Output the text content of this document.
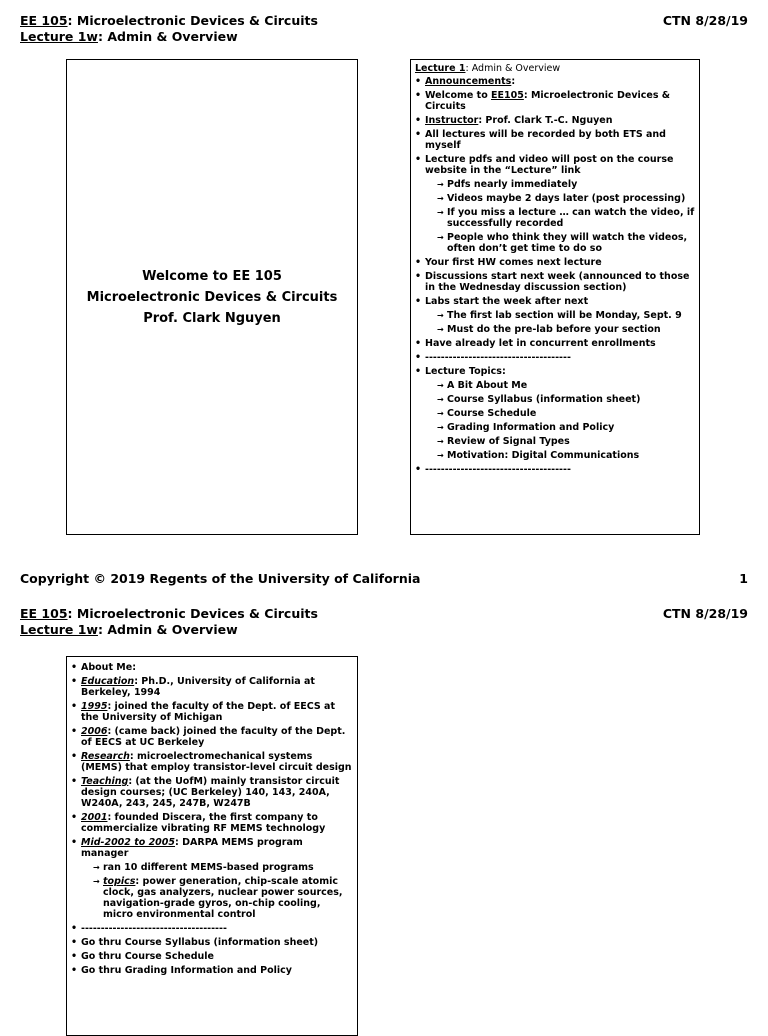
EE 105: Microelectronic Devices & Circuits
Lecture 1w: Admin & Overview
CTN 8/28/19
Welcome to EE 105
Microelectronic Devices & Circuits
Prof. Clark Nguyen
Lecture 1: Admin & Overview
• Announcements:
• Welcome to EE105: Microelectronic Devices & Circuits
• Instructor: Prof. Clark T.-C. Nguyen
• All lectures will be recorded by both ETS and myself
• Lecture pdfs and video will post on the course website in the “Lecture” link
→ Pdfs nearly immediately
→ Videos maybe 2 days later (post processing)
→ If you miss a lecture … can watch the video, if successfully recorded
→ People who think they will watch the videos, often don’t get time to do so
• Your first HW comes next lecture
• Discussions start next week (announced to those in the Wednesday discussion section)
• Labs start the week after next
→ The first lab section will be Monday, Sept. 9
→ Must do the pre-lab before your section
• Have already let in concurrent enrollments
• -------------------------------------
• Lecture Topics:
→ A Bit About Me
→ Course Syllabus (information sheet)
→ Course Schedule
→ Grading Information and Policy
→ Review of Signal Types
→ Motivation: Digital Communications
• -------------------------------------
Copyright © 2019 Regents of the University of California	1
EE 105: Microelectronic Devices & Circuits
Lecture 1w: Admin & Overview
CTN 8/28/19
• About Me:
• Education: Ph.D., University of California at Berkeley, 1994
• 1995: joined the faculty of the Dept. of EECS at the University of Michigan
• 2006: (came back) joined the faculty of the Dept. of EECS at UC Berkeley
• Research: microelectromechanical systems (MEMS) that employ transistor-level circuit design
• Teaching: (at the UofM) mainly transistor circuit design courses; (UC Berkeley) 140, 143, 240A, W240A, 243, 245, 247B, W247B
• 2001: founded Discera, the first company to commercialize vibrating RF MEMS technology
• Mid-2002 to 2005: DARPA MEMS program manager
→ ran 10 different MEMS-based programs
→ topics: power generation, chip-scale atomic clock, gas analyzers, nuclear power sources, navigation-grade gyros, on-chip cooling, micro environmental control
• -------------------------------------
• Go thru Course Syllabus (information sheet)
• Go thru Course Schedule
• Go thru Grading Information and Policy
